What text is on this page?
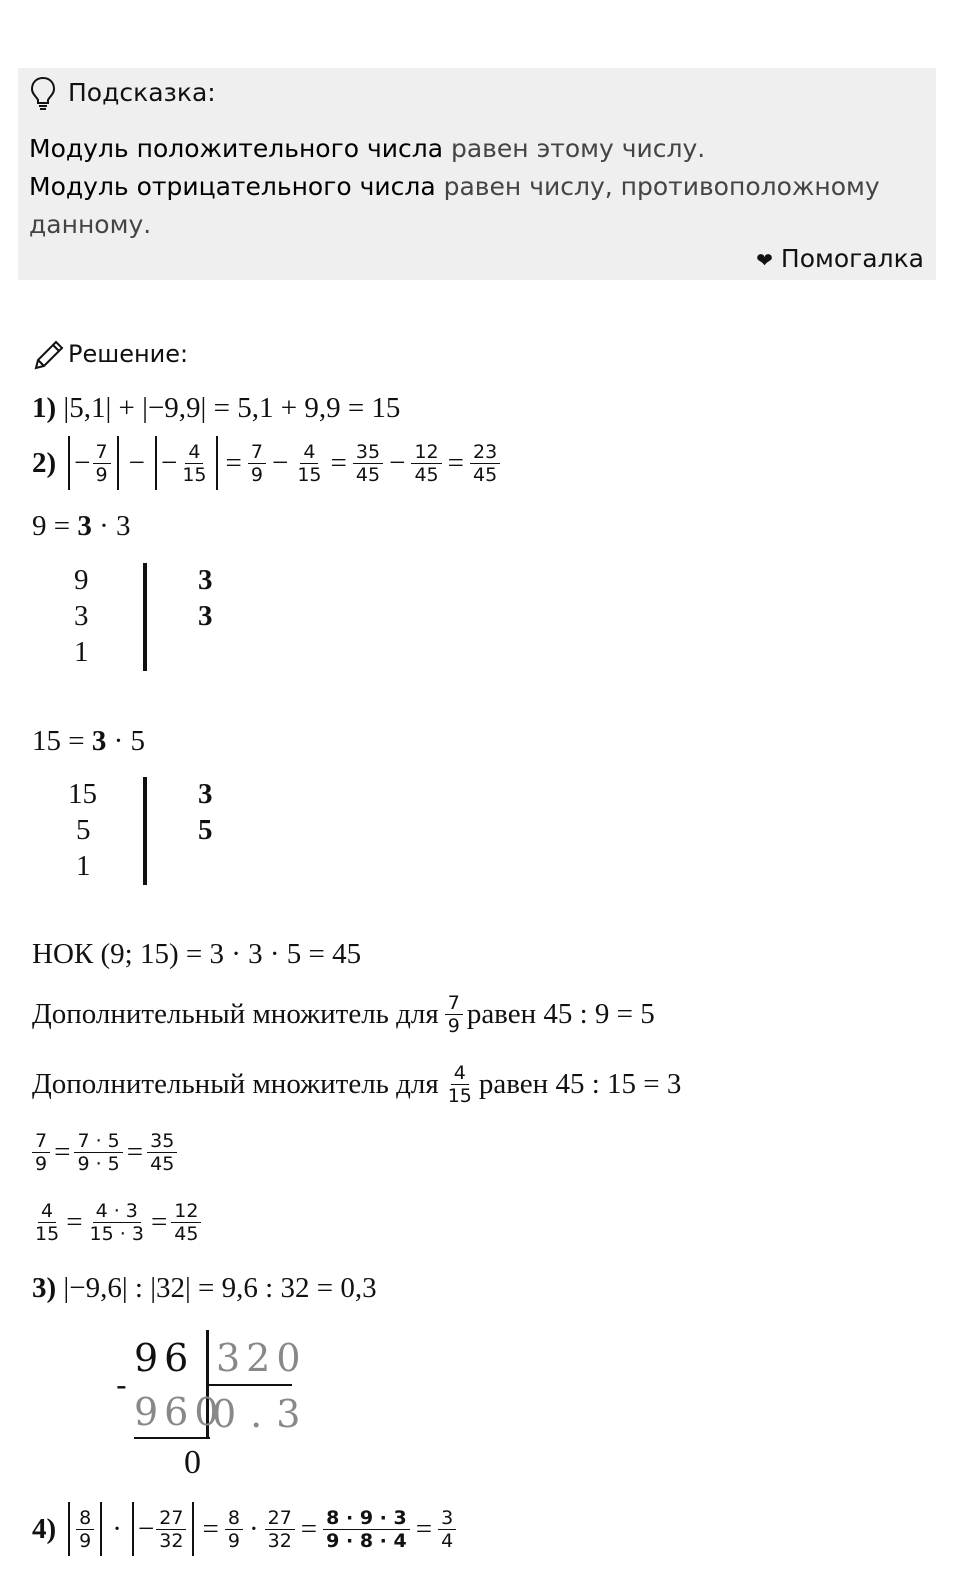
Подсказка:
Модуль положительного числа равен этому числу.
Модуль отрицательного числа равен числу, противоположному данному.
❤ Помогалка
Решение:
1) |5,1| + |−9,9| = 5,1 + 9,9 = 15
$2) - \frac{7}{9}$ − − $\frac{4}{15} = \frac{7}{9} - \frac{4}{15} = \frac{35}{45} - \frac{12}{45} = \frac{23}{45}$
9 = 3 · 3
9
3
1
3
3
15 = 3 · 5
15
5
1
3
5
НОК (9; 15) = 3 · 3 · 5 = 45
Дополнительный множитель для $\frac{7}{9}$ равен 45 : 9 = 5
Дополнительный множитель для $\frac{4}{15}$ равен 45 : 15 = 3
$\frac{7}{9} = \frac{7 \cdot 5}{9 \cdot 5} = \frac{35}{45}$
$\frac{4}{15} = \frac{4 \cdot 3}{15 \cdot 3} = \frac{12}{45}$
3) |−9,6| : |32| = 9,6 : 32 = 0,3
96 320
-
960
0.3
0
$4) \frac{8}{9}$ · − $\frac{27}{32} = \frac{8}{9} \cdot \frac{27}{32} = \frac{8 \cdot 9 \cdot 3}{9 \cdot 8 \cdot 4} = \frac{3}{4}$
